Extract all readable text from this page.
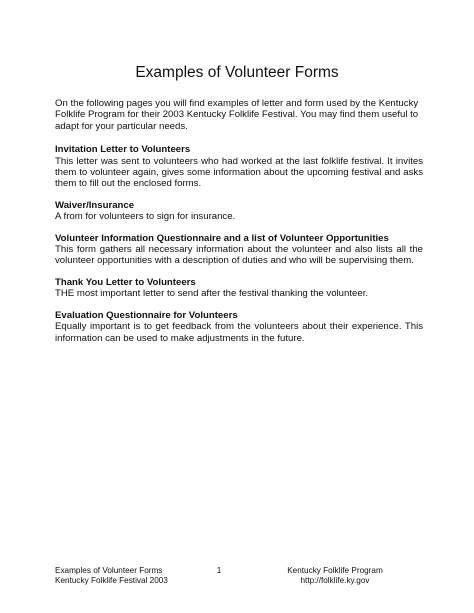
Examples of Volunteer Forms

On the following pages you will find examples of letter and form used by the Kentucky Folklife Program for their 2003 Kentucky Folklife Festival. You may find them useful to adapt for your particular needs.

Invitation Letter to Volunteers

This letter was sent to volunteers who had worked at the last folklife festival. It invites them to volunteer again, gives some information about the upcoming festival and asks them to fill out the enclosed forms.

Waiver/Insurance

A from for volunteers to sign for insurance.

Volunteer Information Questionnaire and a list of Volunteer Opportunities

This form gathers all necessary information about the volunteer and also lists all the volunteer opportunities with a description of duties and who will be supervising them.

Thank You Letter to Volunteers

THE most important letter to send after the festival thanking the volunteer.

Evaluation Questionnaire for Volunteers

Equally important is to get feedback from the volunteers about their experience. This information can be used to make adjustments in the future.

Examples of Volunteer Forms
Kentucky Folklife Festival 2003
1	Kentucky Folklife Program
http://folklife.ky.gov
